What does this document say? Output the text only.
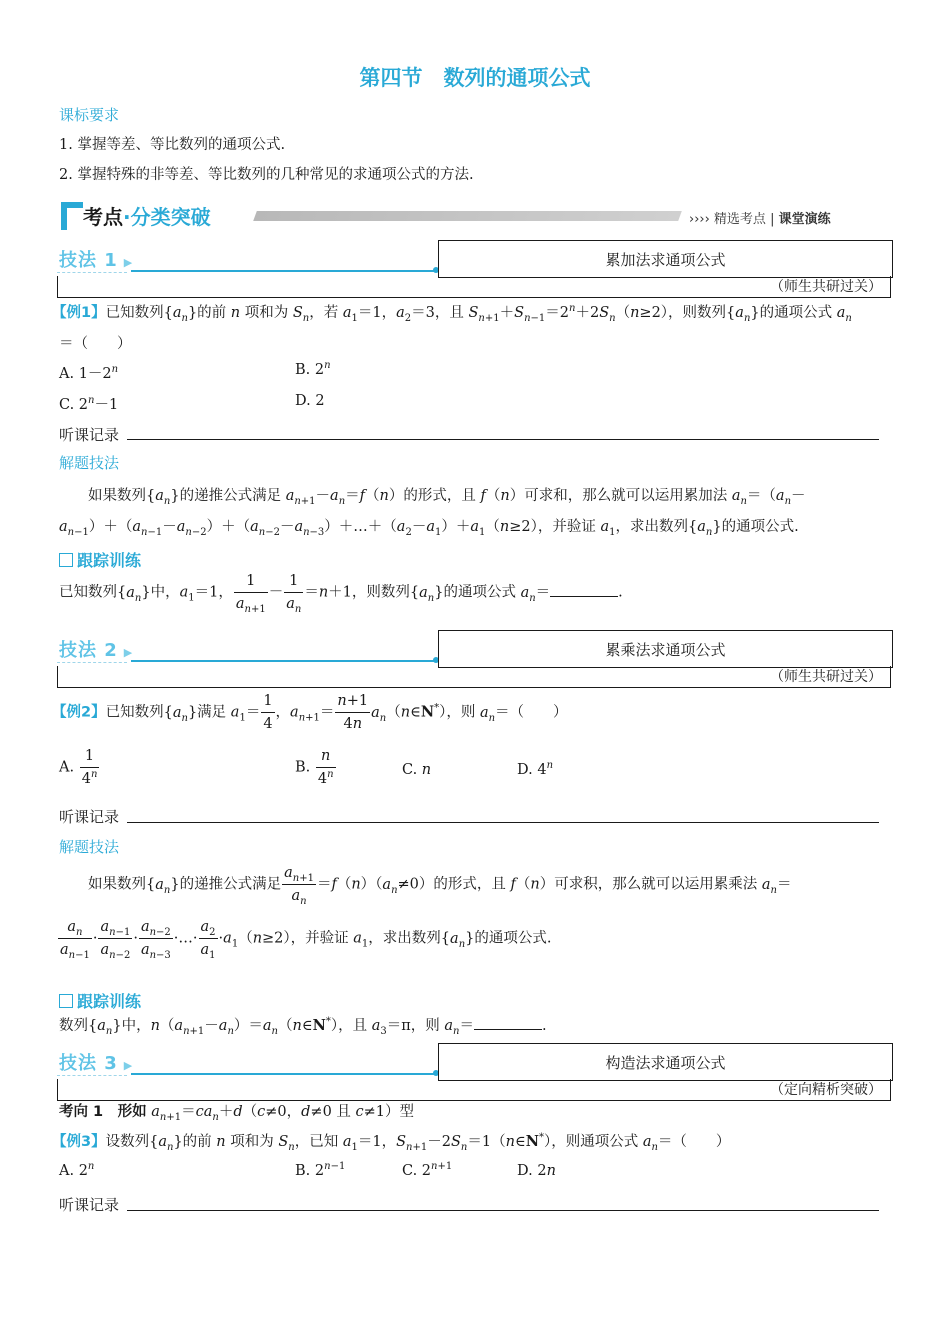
第四节　数列的通项公式
课标要求
1. 掌握等差、等比数列的通项公式.
2. 掌握特殊的非等差、等比数列的几种常见的求通项公式的方法.
考点·分类突破	›››› 精选考点 | 课堂演练
技法 1 ▶	累加法求通项公式
（师生共研过关）
【例1】已知数列$\{a_n\}$的前 n 项和为 $S_n$，若 $a_1=1$，$a_2=3$，且 $S_{n+1}+S_{n-1}=2^n+2S_n(n\ge 2)$，则数列$\{a_n\}$的通项公式 $a_n$
＝（　　）
A. $1-2^n$	B. 2$^n$
C. $2^n-1$	D. 2
听课记录
解题技法
　　如果数列$\{a_n\}$的递推公式满足 $a_{n+1}-a_n=f(n)$的形式，且 f（n）可求和，那么就可以运用累加法 $a_n=(a_n-$
$a_{n-1})+(a_{n-1}-a_{n-2})+(a_{n-2}-a_{n-3})+\dots+(a_2-a_1)+a_1(n\ge 2)$，并验证 $a_1$，求出数列$\{a_n\}$的通项公式.
跟踪训练
已知数列$\{a_n\}$中，$a_1=1$， $\frac{1}{a_{n+1}} - \frac{1}{a_n} =n+1$，则数列$\{a_n\}$的通项公式 $a_n=$	.
技法 2 ▶	累乘法求通项公式
（师生共研过关）
【例2】已知数列$\{a_n\}$满足 $a_1= \frac{1}{4}$ ，$a_{n+1}= \frac{n+1}{4n}$ $a_n(n\in N^*)$，则 $a_n=$（　　）
A. $\frac{1}{4^n}$	B. $\frac{n}{4^n}$	C. n	D. 4$^n$
听课记录
解题技法
　　如果数列$\{a_n\}$的递推公式满足 $\frac{a_{n+1}}{a_n} =f(n)(a_n\ne 0)$的形式，且 f（n）可求积，那么就可以运用累乘法 $a_n=$
$\frac{a_n}{a_{n-1}} \cdot \frac{a_{n-1}}{a_{n-2}} \cdot \frac{a_{n-2}}{a_{n-3}}$ ·…· $\frac{a_2}{a_1} \cdot a_1(n\ge 2)$，并验证 $a_1$，求出数列$\{a_n\}$的通项公式.
跟踪训练
数列$\{a_n\}$中，$n(a_{n+1}-a_n)=a_n(n\in N^*)$，且 $a_3=\pi$，则 $a_n=$	.
技法 3 ▶	构造法求通项公式
（定向精析突破）
考向 1　 形如 $a_{n+1}=ca_n+d(c\ne 0$，d≠0 且 c≠1）型
【例3】设数列$\{a_n\}$的前 n 项和为 $S_n$，已知 $a_1=1$，$S_{n+1}-2S_n=1(n\in N^*)$，则通项公式 $a_n=$（　　）
A. 2$^n$	B. $2^{n-1}$	C. $2^{n+1}$	D. 2n
听课记录
